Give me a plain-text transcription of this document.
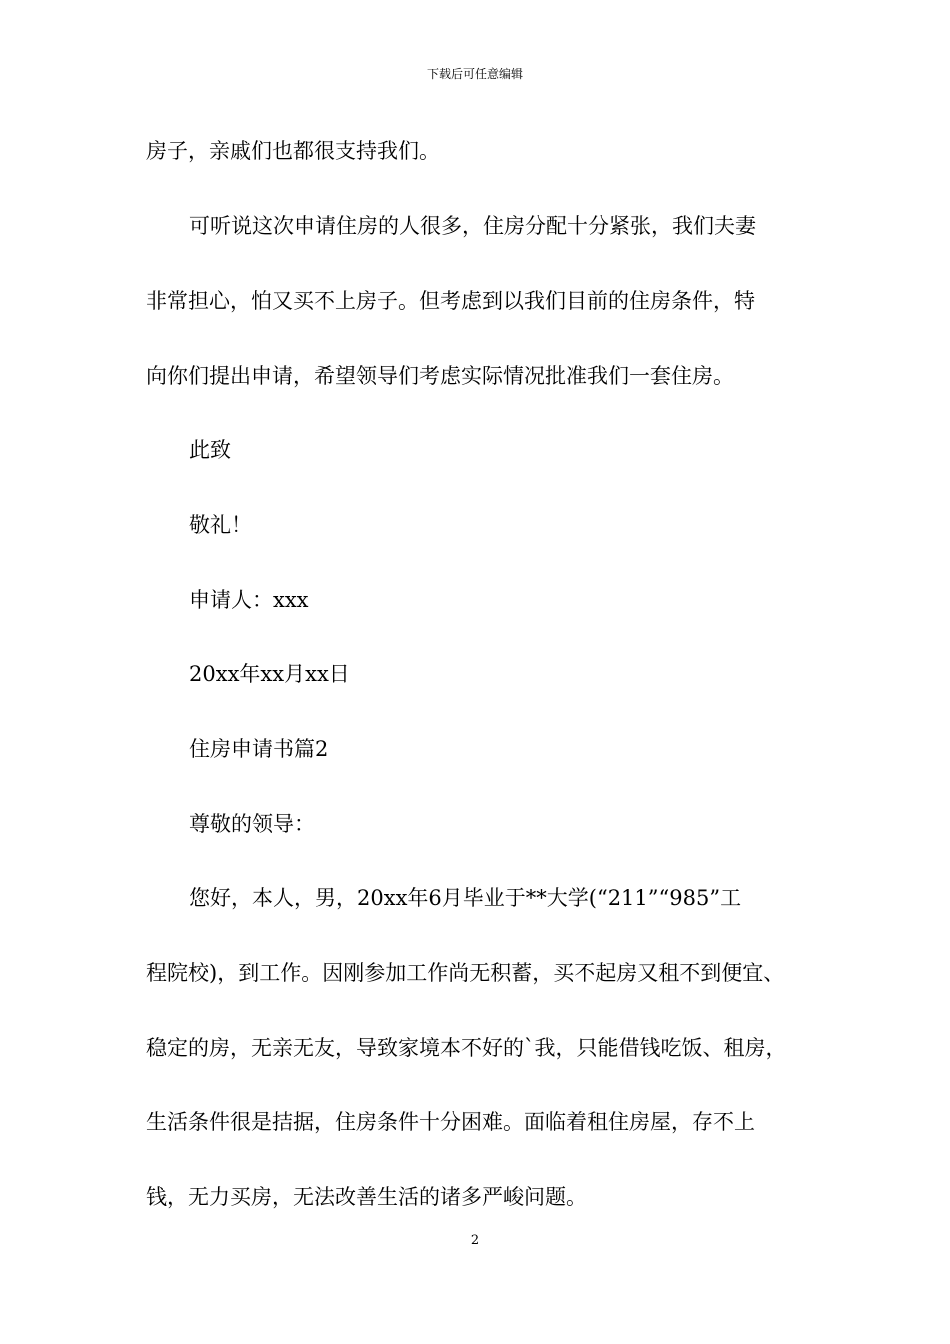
下载后可任意编辑
房子，亲戚们也都很支持我们。
可听说这次申请住房的人很多，住房分配十分紧张，我们夫妻
非常担心，怕又买不上房子。但考虑到以我们目前的住房条件，特
向你们提出申请，希望领导们考虑实际情况批准我们一套住房。
此致
敬礼！
申请人：xxx
20xx年xx月xx日
住房申请书篇2
尊敬的领导：
您好，本人，男，20xx年6月毕业于**大学(“211”“985”工
程院校)，到工作。因刚参加工作尚无积蓄，买不起房又租不到便宜、
稳定的房，无亲无友，导致家境本不好的`我，只能借钱吃饭、租房，
生活条件很是拮据，住房条件十分困难。面临着租住房屋，存不上
钱，无力买房，无法改善生活的诸多严峻问题。
2
